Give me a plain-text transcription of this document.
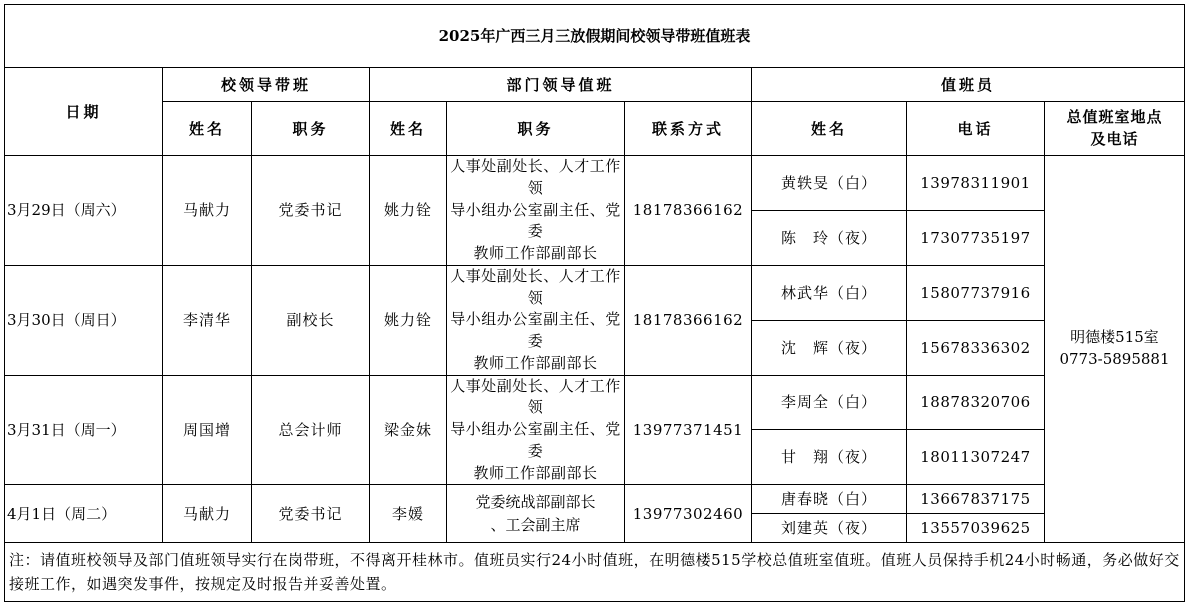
2025年广西三月三放假期间校领导带班值班表								
日期	校领导带班		部门领导值班			值班员		
	姓名	职务	姓名	职务	联系方式	姓名	电话	总值班室地点
及电话

3月29日（周六）	马献力	党委书记	姚力铨	人事处副处长、人才工作领
导小组办公室副主任、党委
教师工作部副部长	18178366162	黄轶旻（白）	13978311901	明德楼515室
0773-5895881

						陈　玲（夜）	17307735197	
3月30日（周日）	李清华	副校长	姚力铨	人事处副处长、人才工作领
导小组办公室副主任、党委
教师工作部副部长	18178366162	林武华（白）	15807737916	
						沈　辉（夜）	15678336302	
3月31日（周一）	周国增	总会计师	梁金妹	人事处副处长、人才工作领
导小组办公室副主任、党委
教师工作部副部长	13977371451	李周全（白）	18878320706	
						甘　翔（夜）	18011307247	
4月1日（周二）	马献力	党委书记	李媛	党委统战部副部长
、工会副主席	13977302460	唐春晓（白）	13667837175	
						刘建英（夜）	13557039625	
注：请值班校领导及部门值班领导实行在岗带班，不得离开桂林市。值班员实行24小时值班，在明德楼515学校总值班室值班。值班人员保持手机24小时畅通，务必做好交接班工作，如遇突发事件，按规定及时报告并妥善处置。								
